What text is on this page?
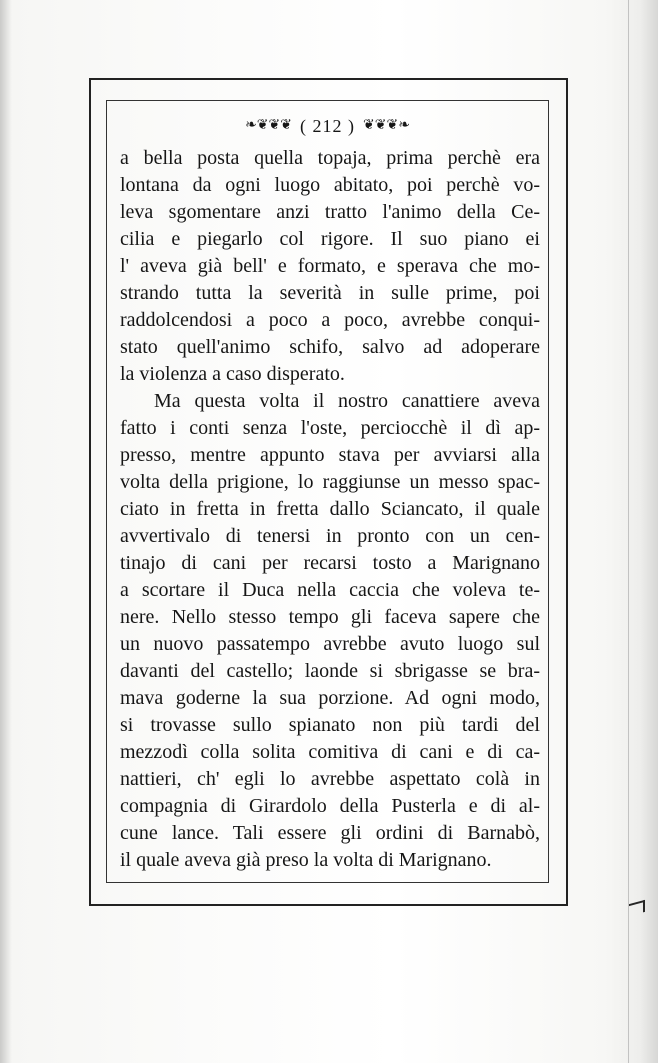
❧❦❦❦ ( 212 ) ❦❦❦❧
a bella posta quella topaja, prima perchè era
lontana da ogni luogo abitato, poi perchè vo-
leva sgomentare anzi tratto l'animo della Ce-
cilia e piegarlo col rigore. Il suo piano ei
l' aveva già bell' e formato, e sperava che mo-
strando tutta la severità in sulle prime, poi
raddolcendosi a poco a poco, avrebbe conqui-
stato quell'animo schifo, salvo ad adoperare
la violenza a caso disperato.
Ma questa volta il nostro canattiere aveva
fatto i conti senza l'oste, perciocchè il dì ap-
presso, mentre appunto stava per avviarsi alla
volta della prigione, lo raggiunse un messo spac-
ciato in fretta in fretta dallo Sciancato, il quale
avvertivalo di tenersi in pronto con un cen-
tinajo di cani per recarsi tosto a Marignano
a scortare il Duca nella caccia che voleva te-
nere. Nello stesso tempo gli faceva sapere che
un nuovo passatempo avrebbe avuto luogo sul
davanti del castello; laonde si sbrigasse se bra-
mava goderne la sua porzione. Ad ogni modo,
si trovasse sullo spianato non più tardi del
mezzodì colla solita comitiva di cani e di ca-
nattieri, ch' egli lo avrebbe aspettato colà in
compagnia di Girardolo della Pusterla e di al-
cune lance. Tali essere gli ordini di Barnabò,
il quale aveva già preso la volta di Marignano.
